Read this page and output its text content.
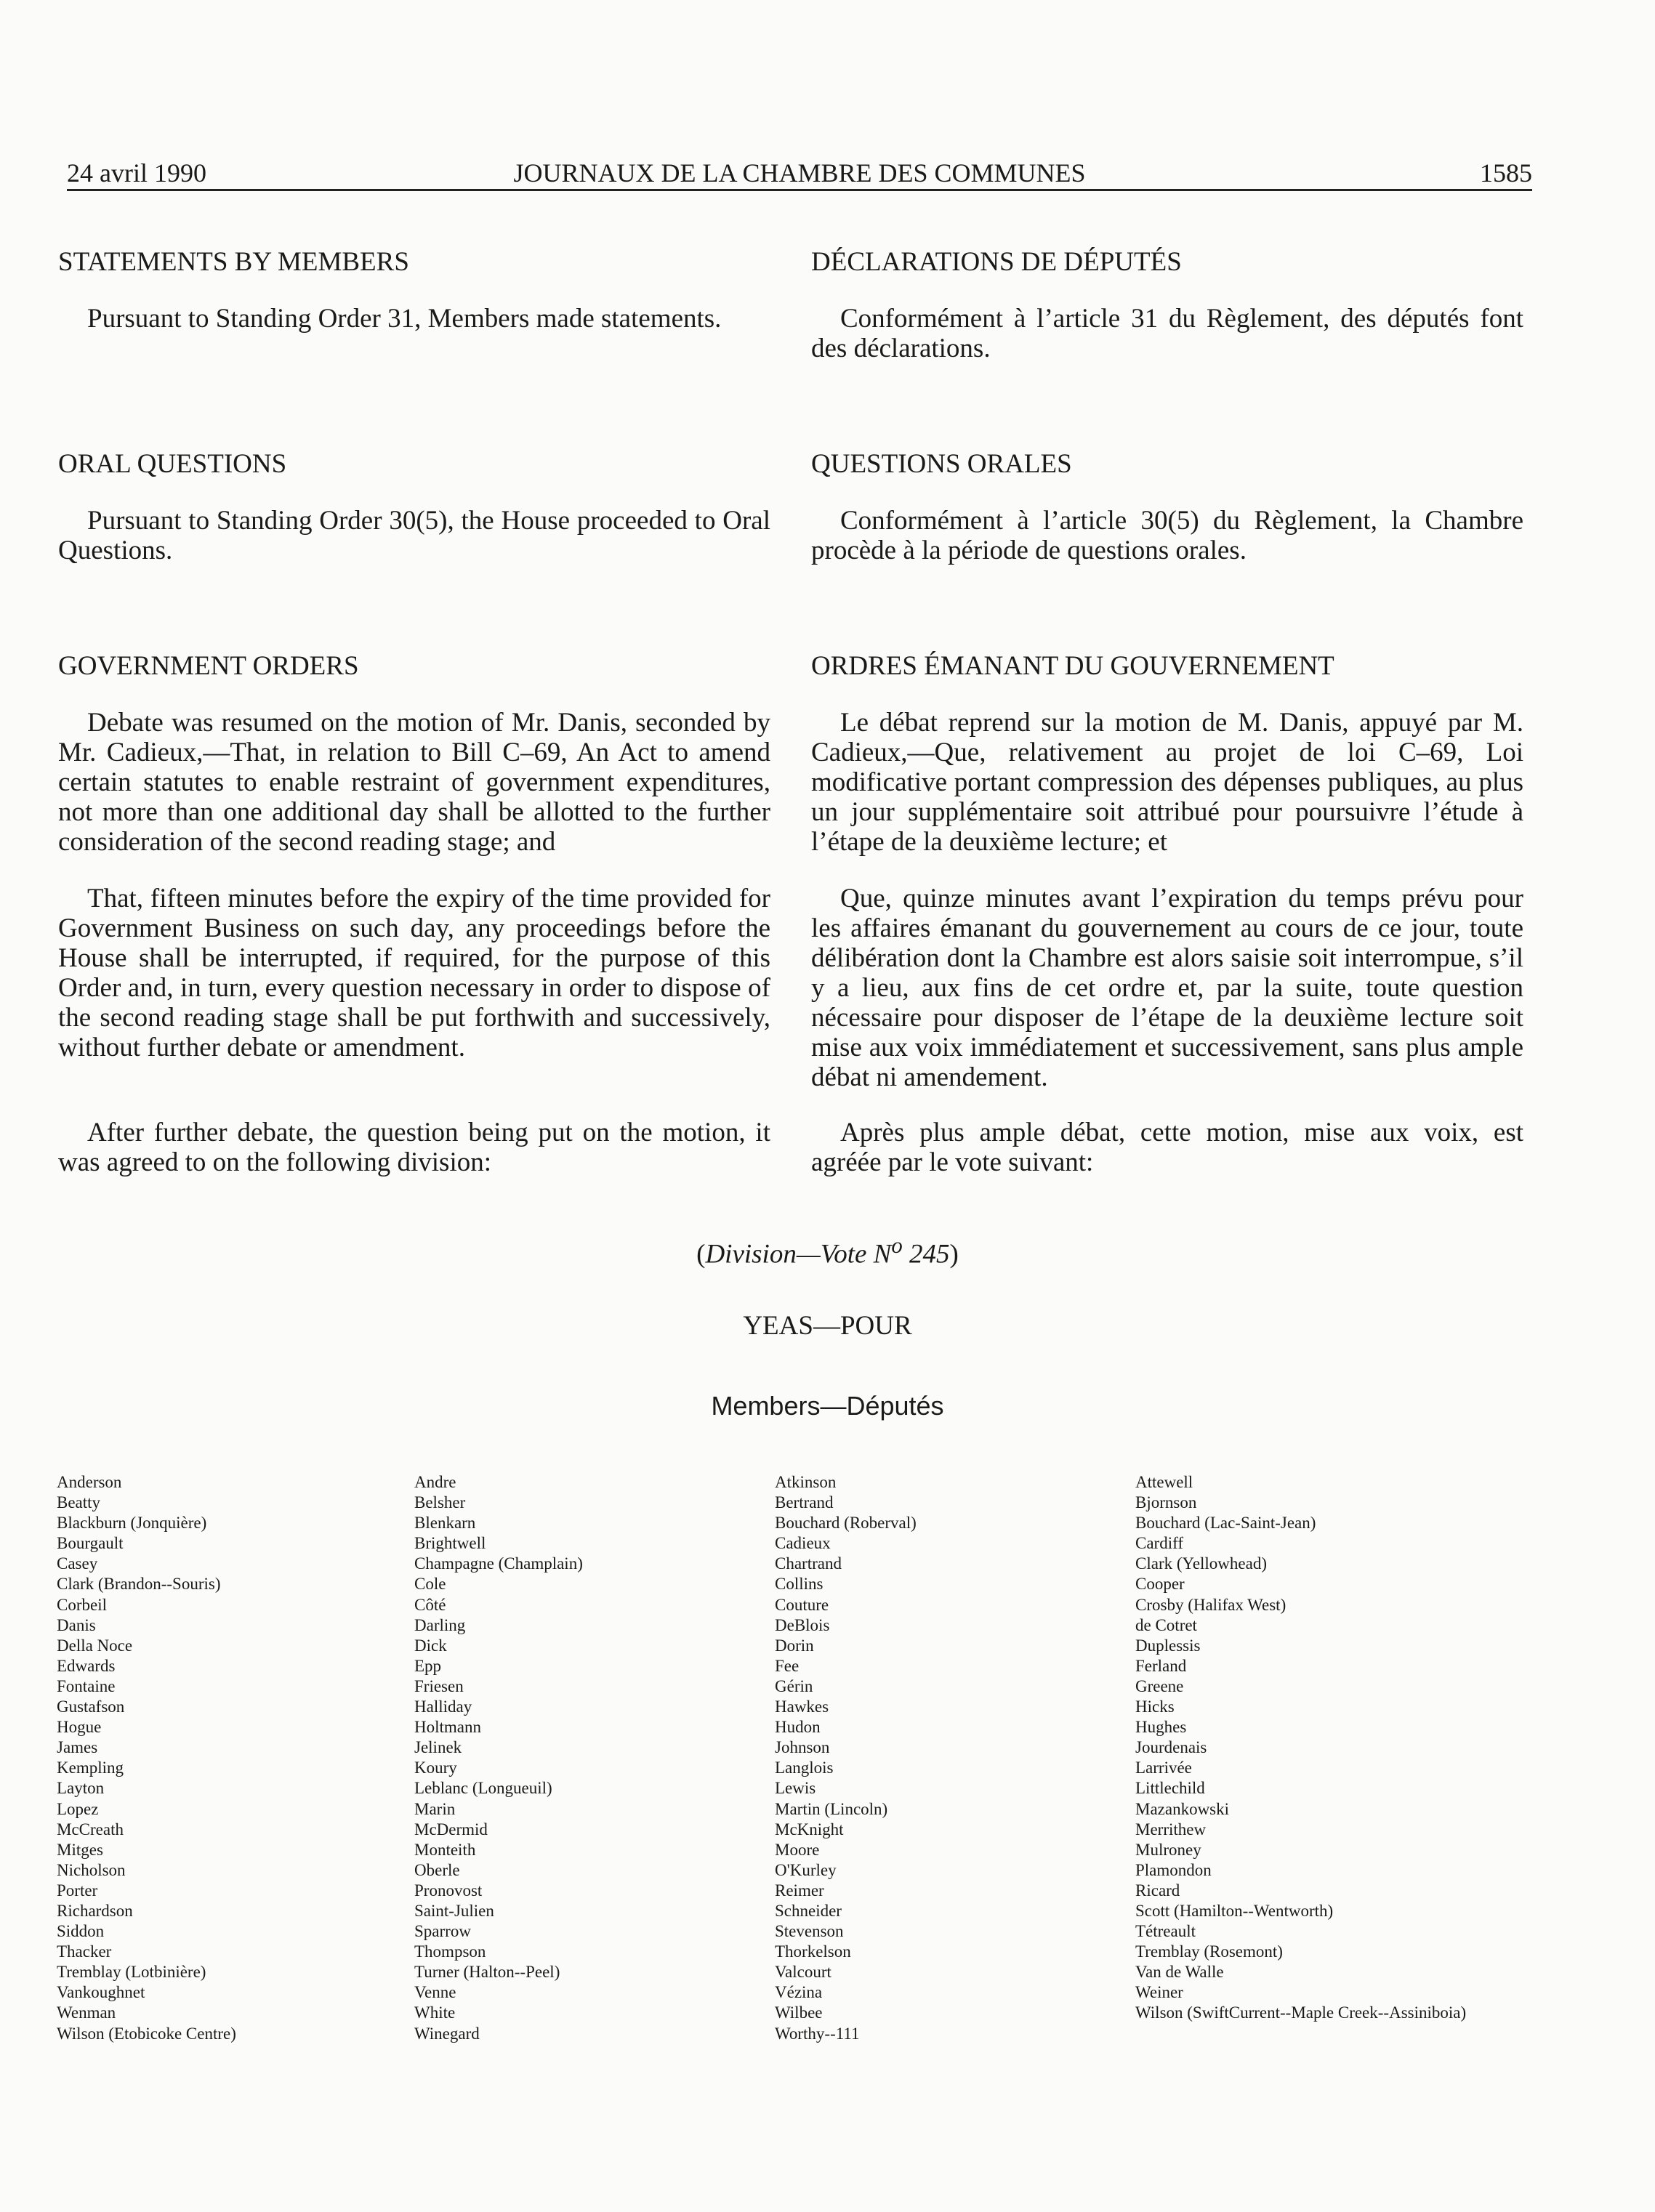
24 avril 1990	JOURNAUX DE LA CHAMBRE DES COMMUNES	1585
STATEMENTS BY MEMBERS
Pursuant to Standing Order 31, Members made statements.
ORAL QUESTIONS
Pursuant to Standing Order 30(5), the House proceeded to Oral Questions.
GOVERNMENT ORDERS
Debate was resumed on the motion of Mr. Danis, seconded by Mr. Cadieux,—That, in relation to Bill C–69, An Act to amend certain statutes to enable restraint of government expenditures, not more than one additional day shall be allotted to the further consideration of the second reading stage; and
That, fifteen minutes before the expiry of the time provided for Government Business on such day, any proceedings before the House shall be interrupted, if required, for the purpose of this Order and, in turn, every question necessary in order to dispose of the second reading stage shall be put forthwith and successively, without further debate or amendment.
After further debate, the question being put on the motion, it was agreed to on the following division:
DÉCLARATIONS DE DÉPUTÉS
Conformément à l’article 31 du Règlement, des députés font des déclarations.
QUESTIONS ORALES
Conformément à l’article 30(5) du Règlement, la Chambre procède à la période de questions orales.
ORDRES ÉMANANT DU GOUVERNEMENT
Le débat reprend sur la motion de M. Danis, appuyé par M. Cadieux,—Que, relativement au projet de loi C–69, Loi modificative portant compression des dépenses publiques, au plus un jour supplémentaire soit attribué pour poursuivre l’étude à l’étape de la deuxième lecture; et
Que, quinze minutes avant l’expiration du temps prévu pour les affaires émanant du gouvernement au cours de ce jour, toute délibération dont la Chambre est alors saisie soit interrompue, s’il y a lieu, aux fins de cet ordre et, par la suite, toute question nécessaire pour disposer de l’étape de la deuxième lecture soit mise aux voix immédiatement et successivement, sans plus ample débat ni amendement.
Après plus ample débat, cette motion, mise aux voix, est agréée par le vote suivant:
(Division—Vote $N^o$ 245)
YEAS—POUR
Members—Députés
Anderson
Beatty
Blackburn (Jonquière)
Bourgault
Casey
Clark (Brandon--Souris)
Corbeil
Danis
Della Noce
Edwards
Fontaine
Gustafson
Hogue
James
Kempling
Layton
Lopez
McCreath
Mitges
Nicholson
Porter
Richardson
Siddon
Thacker
Tremblay (Lotbinière)
Vankoughnet
Wenman
Wilson (Etobicoke Centre)
Andre
Belsher
Blenkarn
Brightwell
Champagne (Champlain)
Cole
Côté
Darling
Dick
Epp
Friesen
Halliday
Holtmann
Jelinek
Koury
Leblanc (Longueuil)
Marin
McDermid
Monteith
Oberle
Pronovost
Saint-Julien
Sparrow
Thompson
Turner (Halton--Peel)
Venne
White
Winegard
Atkinson
Bertrand
Bouchard (Roberval)
Cadieux
Chartrand
Collins
Couture
DeBlois
Dorin
Fee
Gérin
Hawkes
Hudon
Johnson
Langlois
Lewis
Martin (Lincoln)
McKnight
Moore
O'Kurley
Reimer
Schneider
Stevenson
Thorkelson
Valcourt
Vézina
Wilbee
Worthy--111
Attewell
Bjornson
Bouchard (Lac-Saint-Jean)
Cardiff
Clark (Yellowhead)
Cooper
Crosby (Halifax West)
de Cotret
Duplessis
Ferland
Greene
Hicks
Hughes
Jourdenais
Larrivée
Littlechild
Mazankowski
Merrithew
Mulroney
Plamondon
Ricard
Scott (Hamilton--Wentworth)
Tétreault
Tremblay (Rosemont)
Van de Walle
Weiner
Wilson (SwiftCurrent--Maple Creek--Assiniboia)
